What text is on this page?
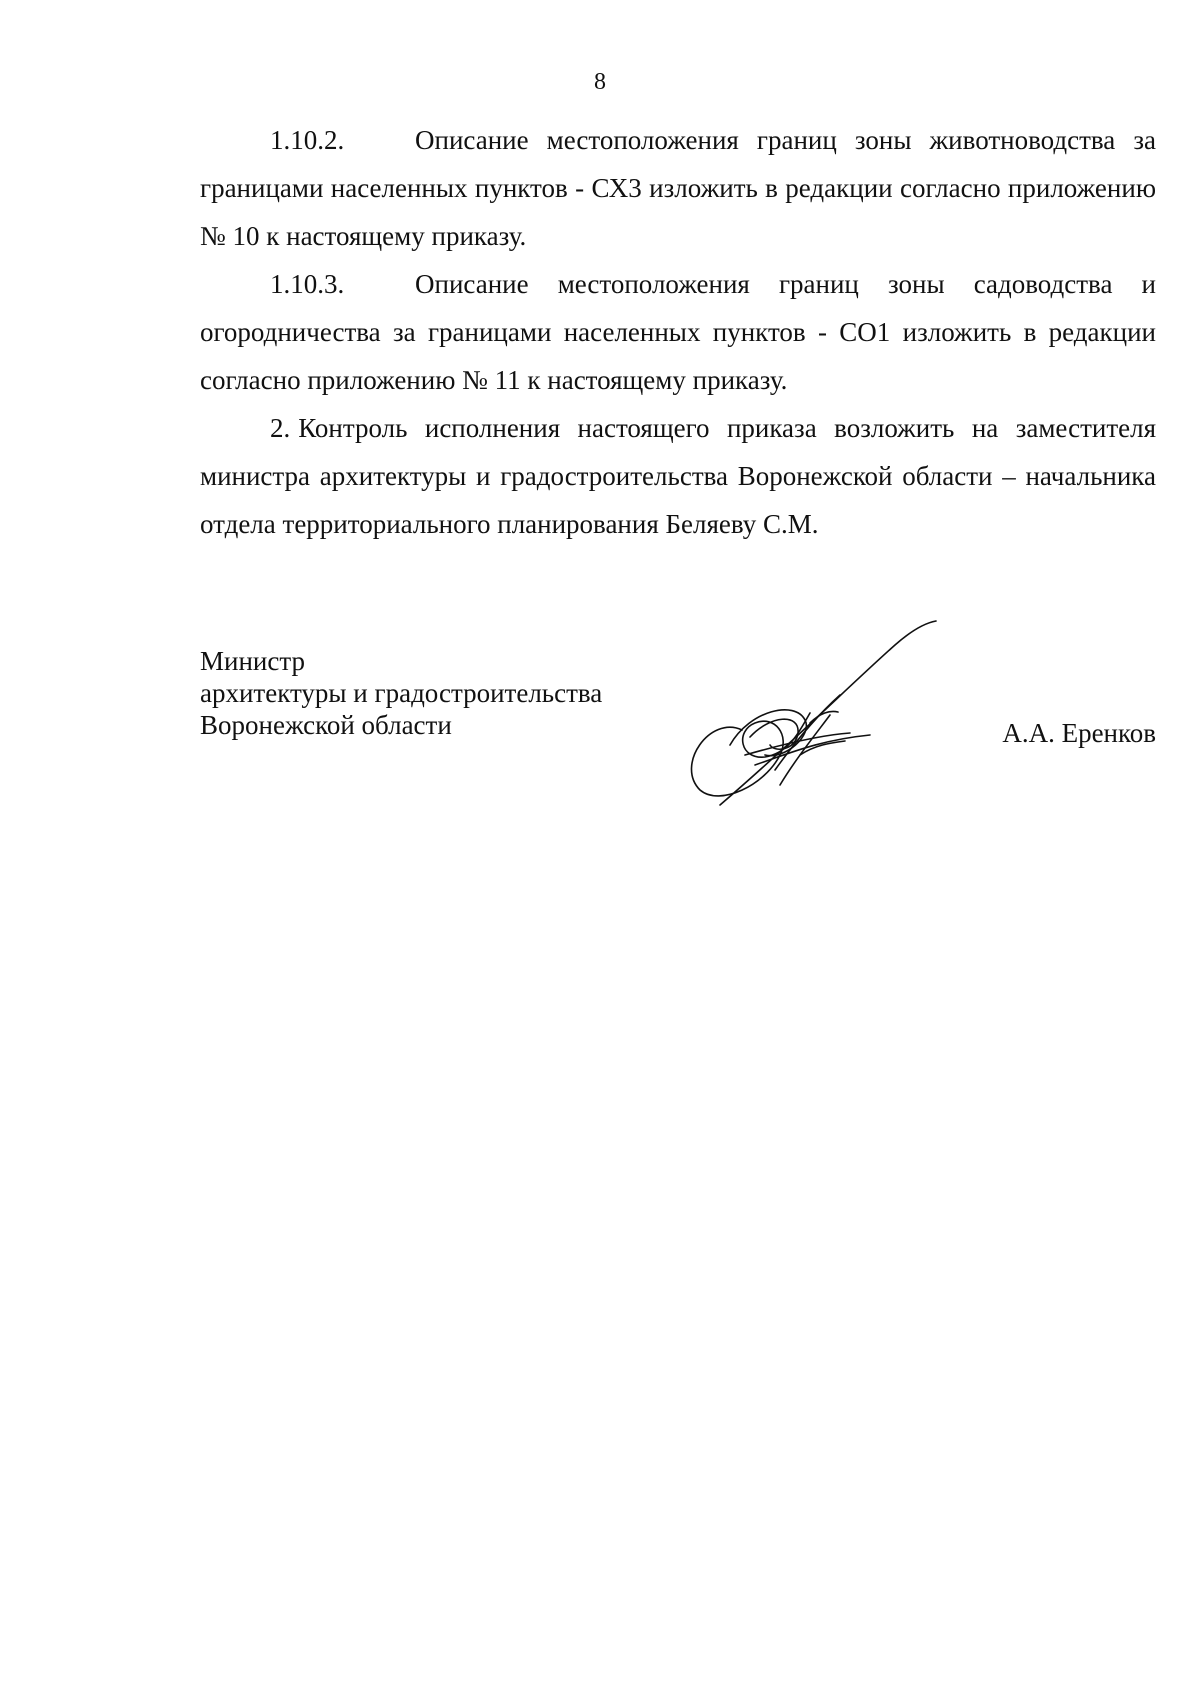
8

1.10.2.	Описание местоположения границ зоны животноводства за границами населенных пунктов - СХ3 изложить в редакции согласно приложению № 10 к настоящему приказу.

1.10.3.	Описание местоположения границ зоны садоводства и огородничества за границами населенных пунктов - СО1 изложить в редакции согласно приложению № 11 к настоящему приказу.

2. Контроль исполнения настоящего приказа возложить на заместителя министра архитектуры и градостроительства Воронежской области – начальника отдела территориального планирования Беляеву С.М.

Министр
архитектуры и градостроительства
Воронежской области	А.А. Еренков
